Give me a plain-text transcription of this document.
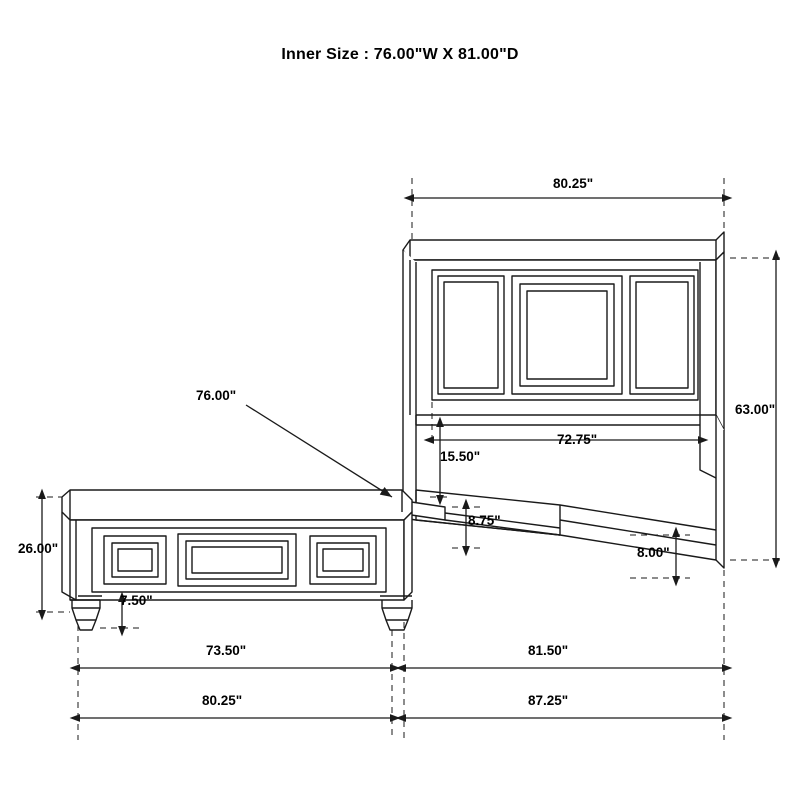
Inner Size : 76.00"W X 81.00"D
80.25"
63.00"
72.75"
76.00"
15.50"
8.75"
8.00"
26.00"
7.50"
73.50"	81.50"
80.25"	87.25"
